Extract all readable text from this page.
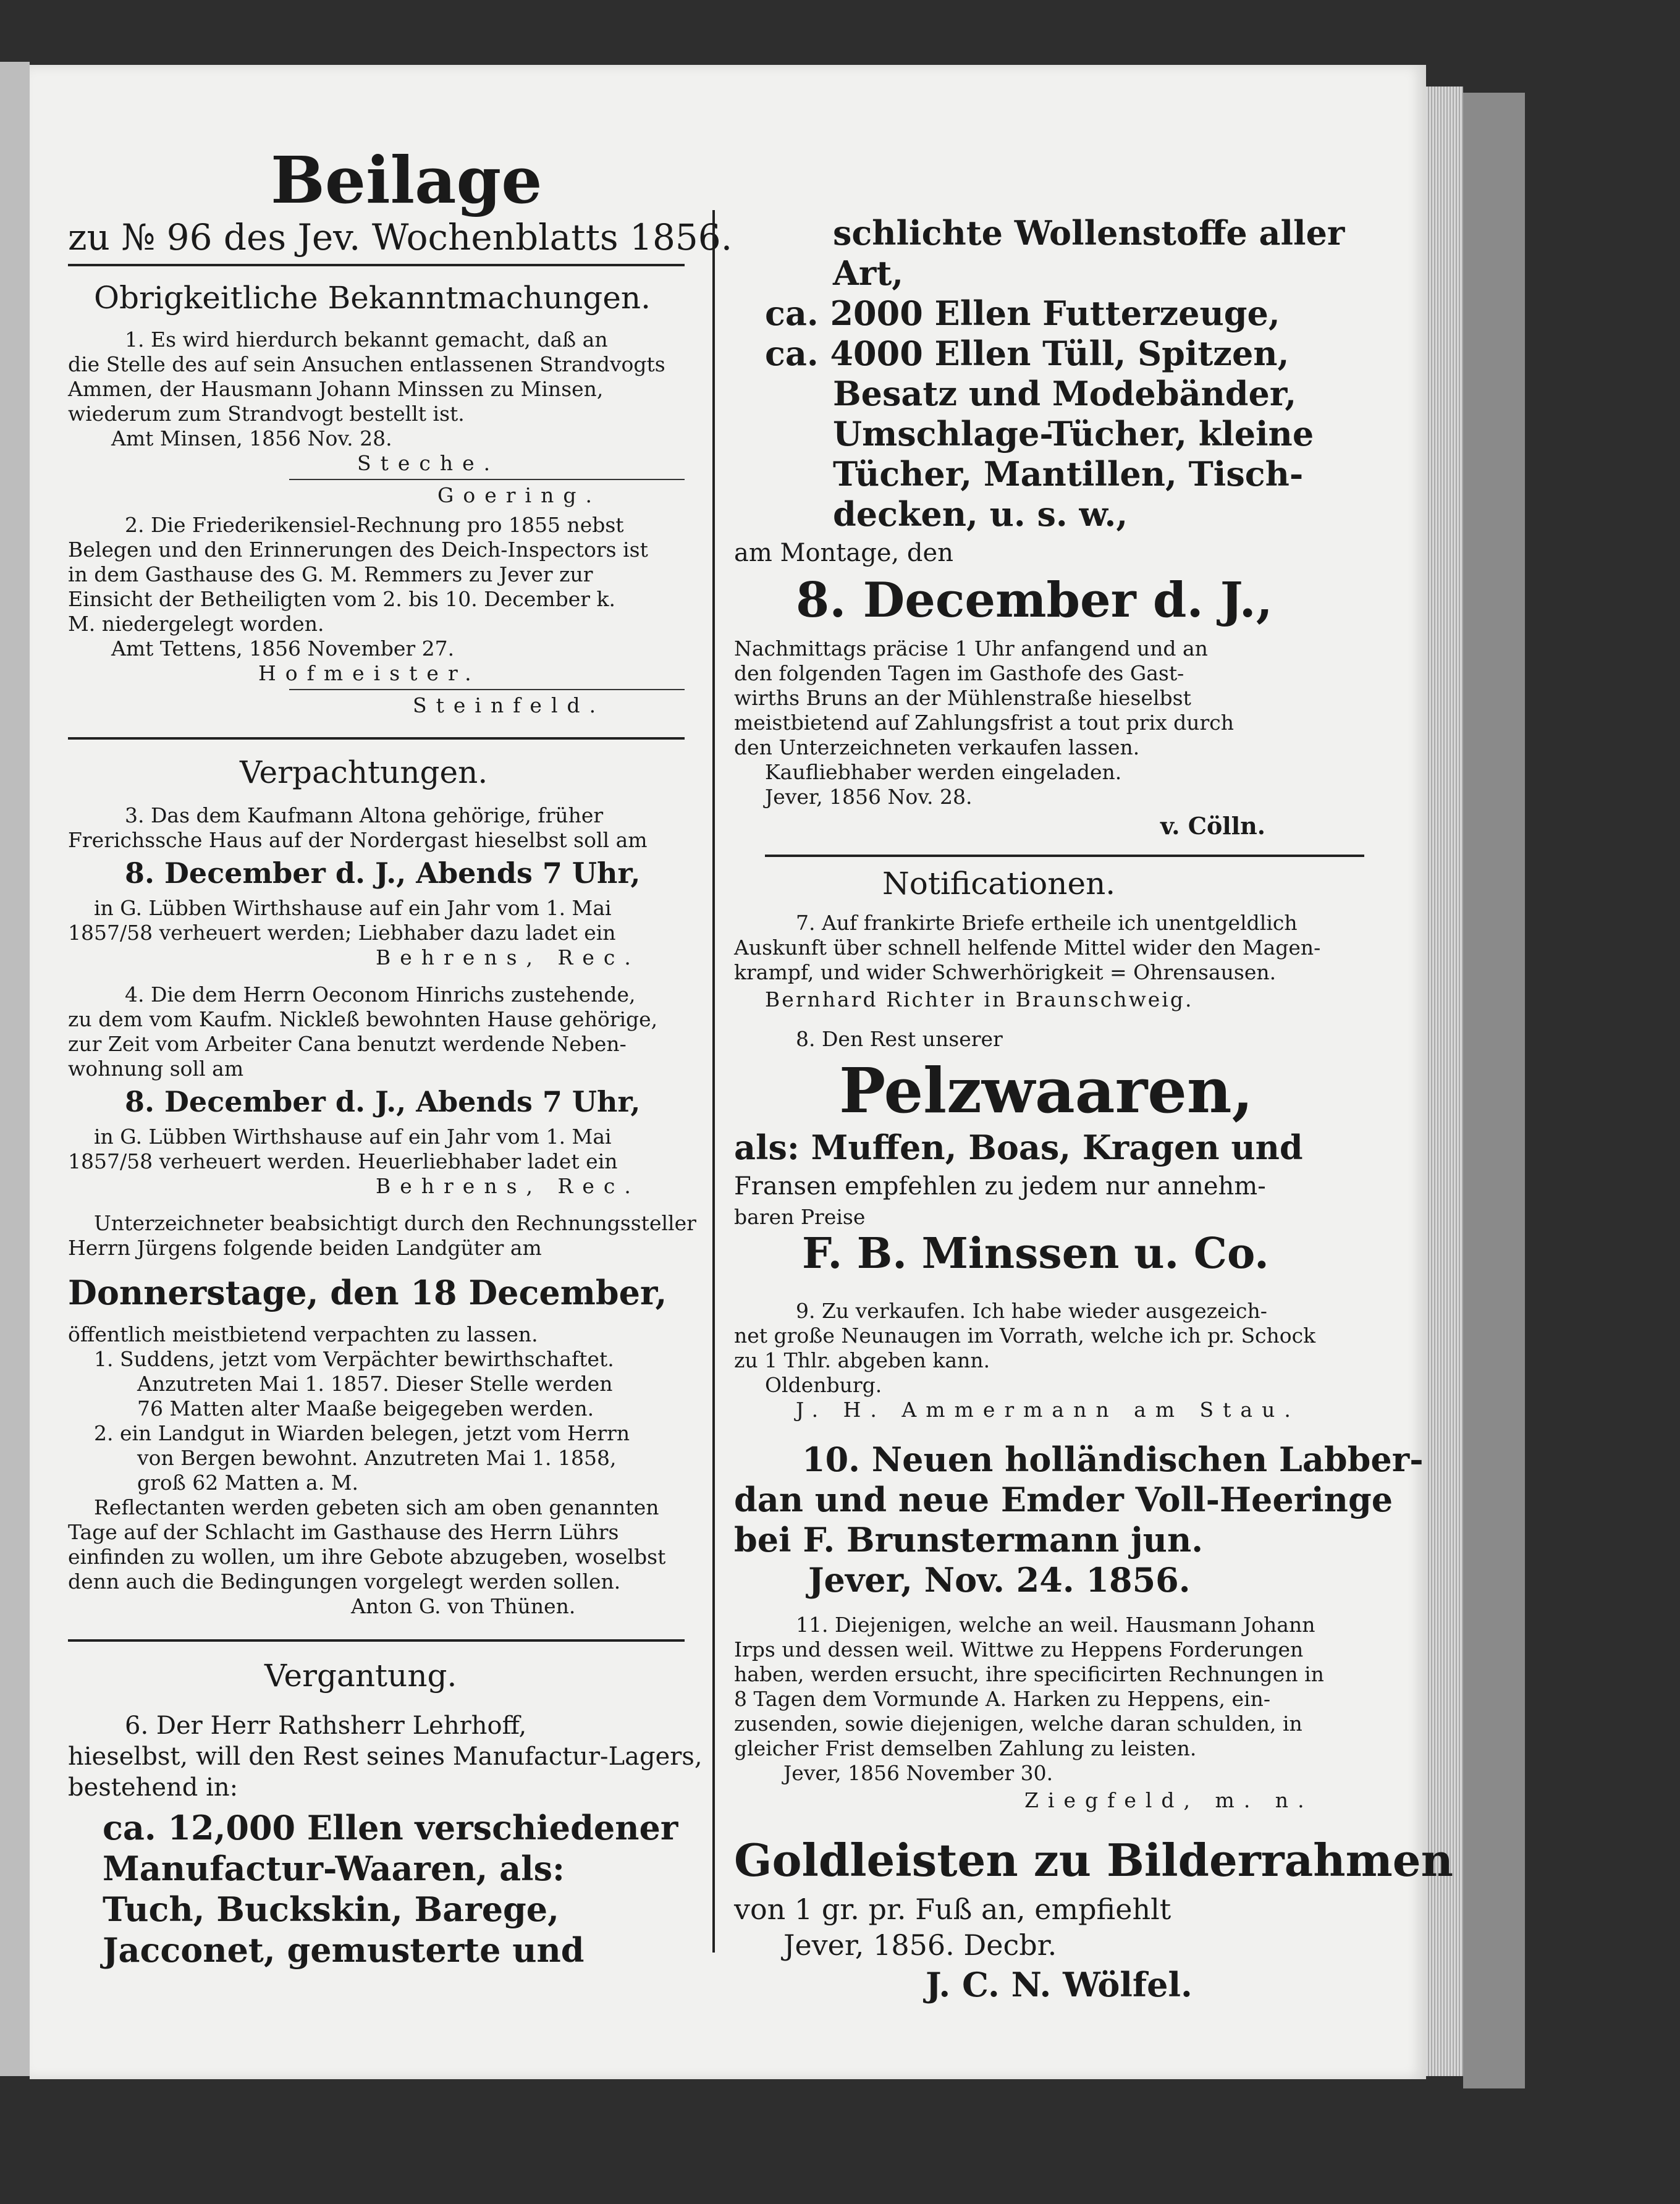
Beilage
zu № 96 des Jev. Wochenblatts 1856.
Obrigkeitliche Bekanntmachungen.
1. Es wird hierdurch bekannt gemacht, daß an
die Stelle des auf sein Ansuchen entlassenen Strandvogts
Ammen, der Hausmann Johann Minssen zu Minsen,
wiederum zum Strandvogt bestellt ist.
Amt Minsen, 1856 Nov. 28.
Steche.
Goering.
2. Die Friederikensiel-Rechnung pro 1855 nebst
Belegen und den Erinnerungen des Deich-Inspectors ist
in dem Gasthause des G. M. Remmers zu Jever zur
Einsicht der Betheiligten vom 2. bis 10. December k.
M. niedergelegt worden.
Amt Tettens, 1856 November 27.
Hofmeister.
Steinfeld.
Verpachtungen.
3. Das dem Kaufmann Altona gehörige, früher
Frerichssche Haus auf der Nordergast hieselbst soll am
8. December d. J., Abends 7 Uhr,
in G. Lübben Wirthshause auf ein Jahr vom 1. Mai
1857/58 verheuert werden; Liebhaber dazu ladet ein
Behrens, Rec.
4. Die dem Herrn Oeconom Hinrichs zustehende,
zu dem vom Kaufm. Nickleß bewohnten Hause gehörige,
zur Zeit vom Arbeiter Cana benutzt werdende Neben-
wohnung soll am
8. December d. J., Abends 7 Uhr,
in G. Lübben Wirthshause auf ein Jahr vom 1. Mai
1857/58 verheuert werden. Heuerliebhaber ladet ein
Behrens, Rec.
Unterzeichneter beabsichtigt durch den Rechnungssteller
Herrn Jürgens folgende beiden Landgüter am
Donnerstage, den 18 December,
öffentlich meistbietend verpachten zu lassen.
1. Suddens, jetzt vom Verpächter bewirthschaftet.
Anzutreten Mai 1. 1857. Dieser Stelle werden
76 Matten alter Maaße beigegeben werden.
2. ein Landgut in Wiarden belegen, jetzt vom Herrn
von Bergen bewohnt. Anzutreten Mai 1. 1858,
groß 62 Matten a. M.
Reflectanten werden gebeten sich am oben genannten
Tage auf der Schlacht im Gasthause des Herrn Lührs
einfinden zu wollen, um ihre Gebote abzugeben, woselbst
denn auch die Bedingungen vorgelegt werden sollen.
Anton G. von Thünen.
Vergantung.
6. Der Herr Rathsherr Lehrhoff,
hieselbst, will den Rest seines Manufactur-Lagers,
bestehend in:
ca. 12,000 Ellen verschiedener
Manufactur-Waaren, als:
Tuch, Buckskin, Barege,
Jacconet, gemusterte und
schlichte Wollenstoffe aller
Art,
ca. 2000 Ellen Futterzeuge,
ca. 4000 Ellen Tüll, Spitzen,
Besatz und Modebänder,
Umschlage-Tücher, kleine
Tücher, Mantillen, Tisch-
decken, u. s. w.,
am Montage, den
8. December d. J.,
Nachmittags präcise 1 Uhr anfangend und an
den folgenden Tagen im Gasthofe des Gast-
wirths Bruns an der Mühlenstraße hieselbst
meistbietend auf Zahlungsfrist a tout prix durch
den Unterzeichneten verkaufen lassen.
Kaufliebhaber werden eingeladen.
Jever, 1856 Nov. 28.
v. Cölln.
Notificationen.
7. Auf frankirte Briefe ertheile ich unentgeldlich
Auskunft über schnell helfende Mittel wider den Magen-
krampf, und wider Schwerhörigkeit = Ohrensausen.
Bernhard Richter in Braunschweig.
8. Den Rest unserer
Pelzwaaren,
als: Muffen, Boas, Kragen und
Fransen empfehlen zu jedem nur annehm-
baren Preise
F. B. Minssen u. Co.
9. Zu verkaufen. Ich habe wieder ausgezeich-
net große Neunaugen im Vorrath, welche ich pr. Schock
zu 1 Thlr. abgeben kann.
Oldenburg.
J. H. Ammermann am Stau.
10. Neuen holländischen Labber-
dan und neue Emder Voll-Heeringe
bei F. Brunstermann jun.
Jever, Nov. 24. 1856.
11. Diejenigen, welche an weil. Hausmann Johann
Irps und dessen weil. Wittwe zu Heppens Forderungen
haben, werden ersucht, ihre specificirten Rechnungen in
8 Tagen dem Vormunde A. Harken zu Heppens, ein-
zusenden, sowie diejenigen, welche daran schulden, in
gleicher Frist demselben Zahlung zu leisten.
Jever, 1856 November 30.
Ziegfeld, m. n.
Goldleisten zu Bilderrahmen
von 1 gr. pr. Fuß an, empfiehlt
Jever, 1856. Decbr.
J. C. N. Wölfel.
